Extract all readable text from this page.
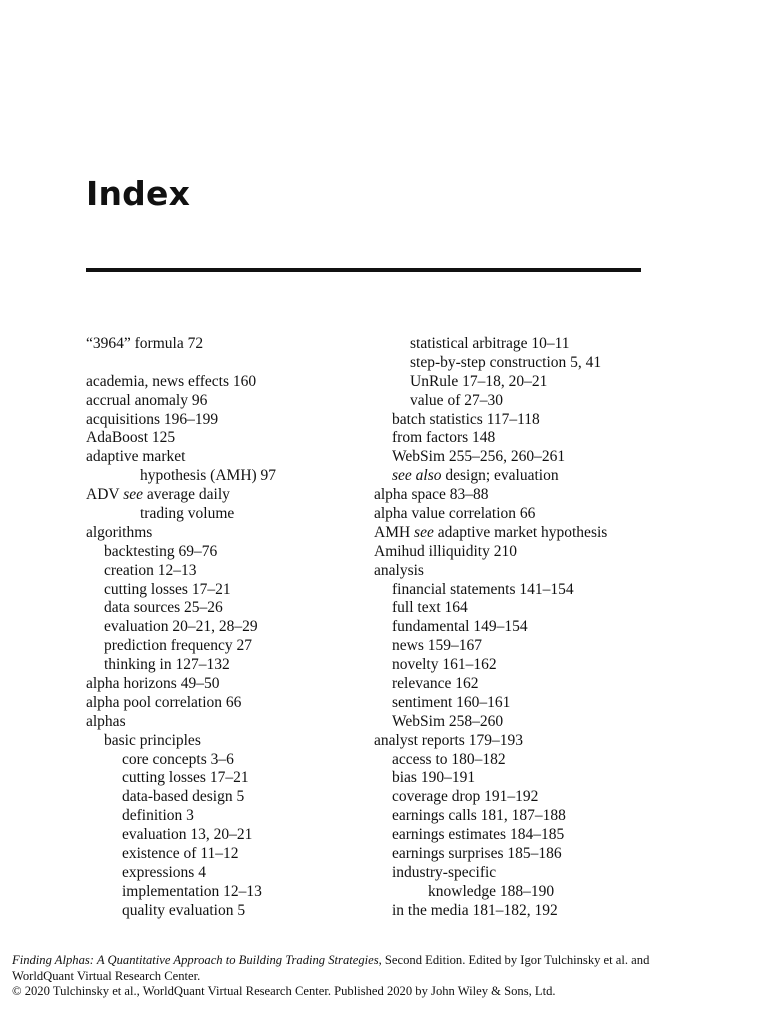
Index
“3964” formula 72
academia, news effects 160
accrual anomaly 96
acquisitions 196–199
AdaBoost 125
adaptive market
hypothesis (AMH) 97
ADV see average daily
trading volume
algorithms
backtesting 69–76
creation 12–13
cutting losses 17–21
data sources 25–26
evaluation 20–21, 28–29
prediction frequency 27
thinking in 127–132
alpha horizons 49–50
alpha pool correlation 66
alphas
basic principles
core concepts 3–6
cutting losses 17–21
data-based design 5
definition 3
evaluation 13, 20–21
existence of 11–12
expressions 4
implementation 12–13
quality evaluation 5
statistical arbitrage 10–11
step-by-step construction 5, 41
UnRule 17–18, 20–21
value of 27–30
batch statistics 117–118
from factors 148
WebSim 255–256, 260–261
see also design; evaluation
alpha space 83–88
alpha value correlation 66
AMH see adaptive market hypothesis
Amihud illiquidity 210
analysis
financial statements 141–154
full text 164
fundamental 149–154
news 159–167
novelty 161–162
relevance 162
sentiment 160–161
WebSim 258–260
analyst reports 179–193
access to 180–182
bias 190–191
coverage drop 191–192
earnings calls 181, 187–188
earnings estimates 184–185
earnings surprises 185–186
industry-specific
knowledge 188–190
in the media 181–182, 192
Finding Alphas: A Quantitative Approach to Building Trading Strategies, Second Edition. Edited by Igor Tulchinsky et al. and
WorldQuant Virtual Research Center.
© 2020 Tulchinsky et al., WorldQuant Virtual Research Center. Published 2020 by John Wiley & Sons, Ltd.
